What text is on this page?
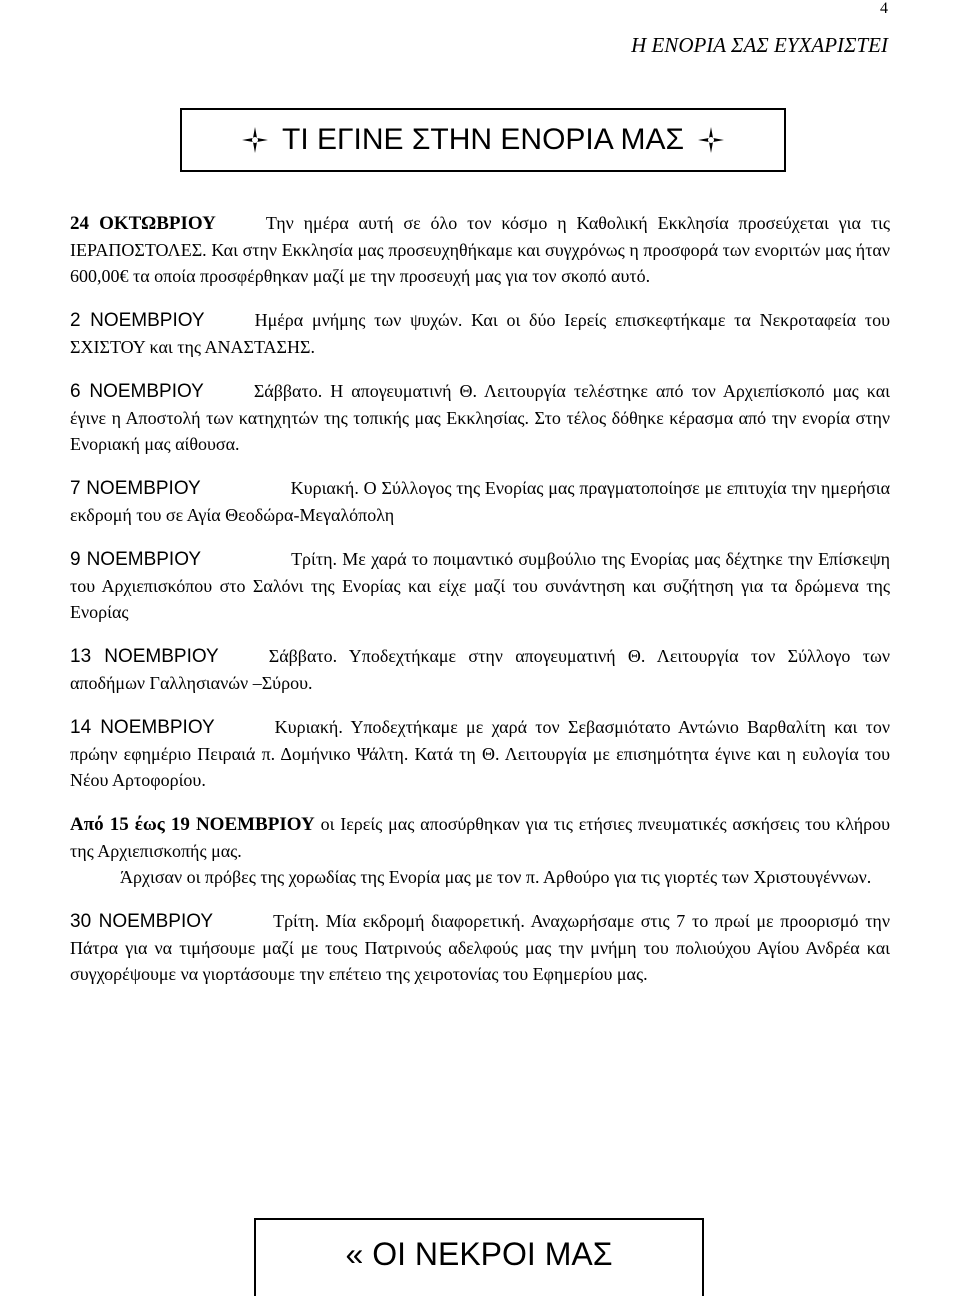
4
Η ΕΝΟΡΙΑ ΣΑΣ ΕΥΧΑΡΙΣΤΕΙ
ΤΙ ΕΓΙΝΕ ΣΤΗΝ ΕΝΟΡΙΑ ΜΑΣ

24 ΟΚΤΩΒΡΙΟΥ	Την ημέρα αυτή σε όλο τον κόσμο η Καθολική Εκκλησία προσεύχεται για τις ΙΕΡΑΠΟΣΤΟΛΕΣ. Και στην Εκκλησία μας προσευχηθήκαμε και συγχρόνως η προσφορά των ενοριτών μας ήταν 600,00€ τα οποία προσφέρθηκαν μαζί με την προσευχή μας για τον σκοπό αυτό.

2 ΝΟΕΜΒΡΙΟΥ	Ημέρα μνήμης των ψυχών. Και οι δύο Ιερείς επισκεφτήκαμε τα Νεκροταφεία του ΣΧΙΣΤΟΥ και της ΑΝΑΣΤΑΣΗΣ.

6 ΝΟΕΜΒΡΙΟΥ	Σάββατο. Η απογευματινή Θ. Λειτουργία τελέστηκε από τον Αρχιεπίσκοπό μας και έγινε η Αποστολή των κατηχητών της τοπικής μας Εκκλησίας. Στο τέλος δόθηκε κέρασμα από την ενορία στην Ενοριακή μας αίθουσα.

7 ΝΟΕΜΒΡΙΟΥ	Κυριακή. Ο Σύλλογος της Ενορίας μας πραγματοποίησε με επιτυχία την ημερήσια εκδρομή του σε Αγία Θεοδώρα-Μεγαλόπολη

9 ΝΟΕΜΒΡΙΟΥ	Τρίτη. Με χαρά το ποιμαντικό συμβούλιο της Ενορίας μας δέχτηκε την Επίσκεψη του Αρχιεπισκόπου στο Σαλόνι της Ενορίας και είχε μαζί του συνάντηση και συζήτηση για τα δρώμενα της Ενορίας

13 ΝΟΕΜΒΡΙΟΥ	Σάββατο. Υποδεχτήκαμε στην απογευματινή Θ. Λειτουργία τον Σύλλογο των αποδήμων Γαλλησιανών –Σύρου.

14 ΝΟΕΜΒΡΙΟΥ	Κυριακή. Υποδεχτήκαμε με χαρά τον Σεβασμιότατο Αντώνιο Βαρθαλίτη και τον πρώην εφημέριο Πειραιά π. Δομήνικο Ψάλτη. Κατά τη Θ. Λειτουργία με επισημότητα έγινε και η ευλογία του Νέου Αρτοφορίου.

Από 15 έως 19 ΝΟΕΜΒΡΙΟΥ οι Ιερείς μας αποσύρθηκαν για τις ετήσιες πνευματικές ασκήσεις του κλήρου της Αρχιεπισκοπής μας.

Άρχισαν οι πρόβες της χορωδίας της Ενορία μας με τον π. Αρθούρο για τις γιορτές των Χριστουγέννων.

30 ΝΟΕΜΒΡΙΟΥ	Τρίτη. Μία εκδρομή διαφορετική. Αναχωρήσαμε στις 7 το πρωί με προορισμό την Πάτρα για να τιμήσουμε μαζί με τους Πατρινούς αδελφούς μας την μνήμη του πολιούχου Αγίου Ανδρέα και συγχορέψουμε να γιορτάσουμε την επέτειο της χειροτονίας του Εφημερίου μας.

« ΟΙ ΝΕΚΡΟΙ ΜΑΣ
